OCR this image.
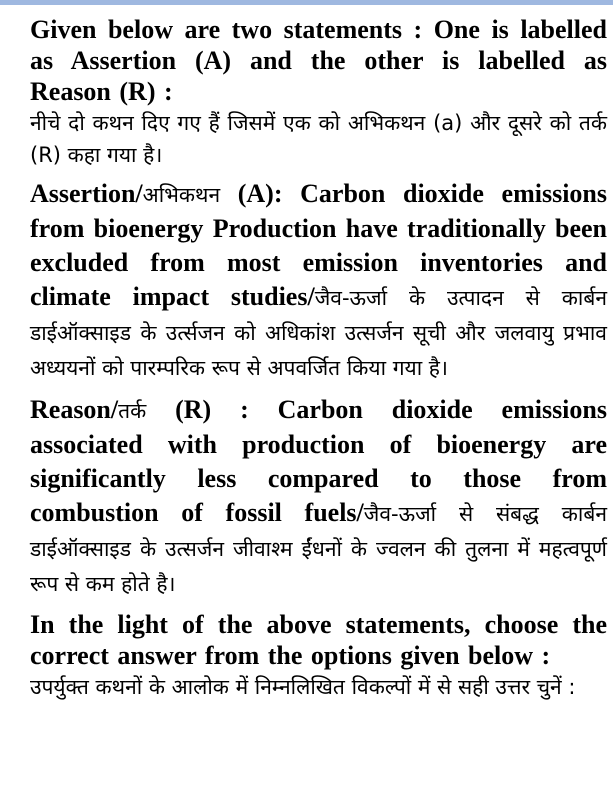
Given below are two statements : One is labelled as Assertion (A) and the other is labelled as Reason (R) :

नीचे दो कथन दिए गए हैं जिसमें एक को अभिकथन (a) और दूसरे को तर्क (R) कहा गया है।

Assertion/अभिकथन (A): Carbon dioxide emissions from bioenergy Production have traditionally been excluded from most emission inventories and climate impact studies/जैव-ऊर्जा के उत्पादन से कार्बन डाईऑक्साइड के उर्त्सजन को अधिकांश उत्सर्जन सूची और जलवायु प्रभाव अध्ययनों को पारम्परिक रूप से अपवर्जित किया गया है।

Reason/तर्क (R) : Carbon dioxide emissions associated with production of bioenergy are significantly less compared to those from combustion of fossil fuels/जैव-ऊर्जा से संबद्ध कार्बन डाईऑक्साइड के उत्सर्जन जीवाश्म ईंधनों के ज्वलन की तुलना में महत्वपूर्ण रूप से कम होते है।

In the light of the above statements, choose the correct answer from the options given below :

उपर्युक्त कथनों के आलोक में निम्नलिखित विकल्पों में से सही उत्तर चुनें :
